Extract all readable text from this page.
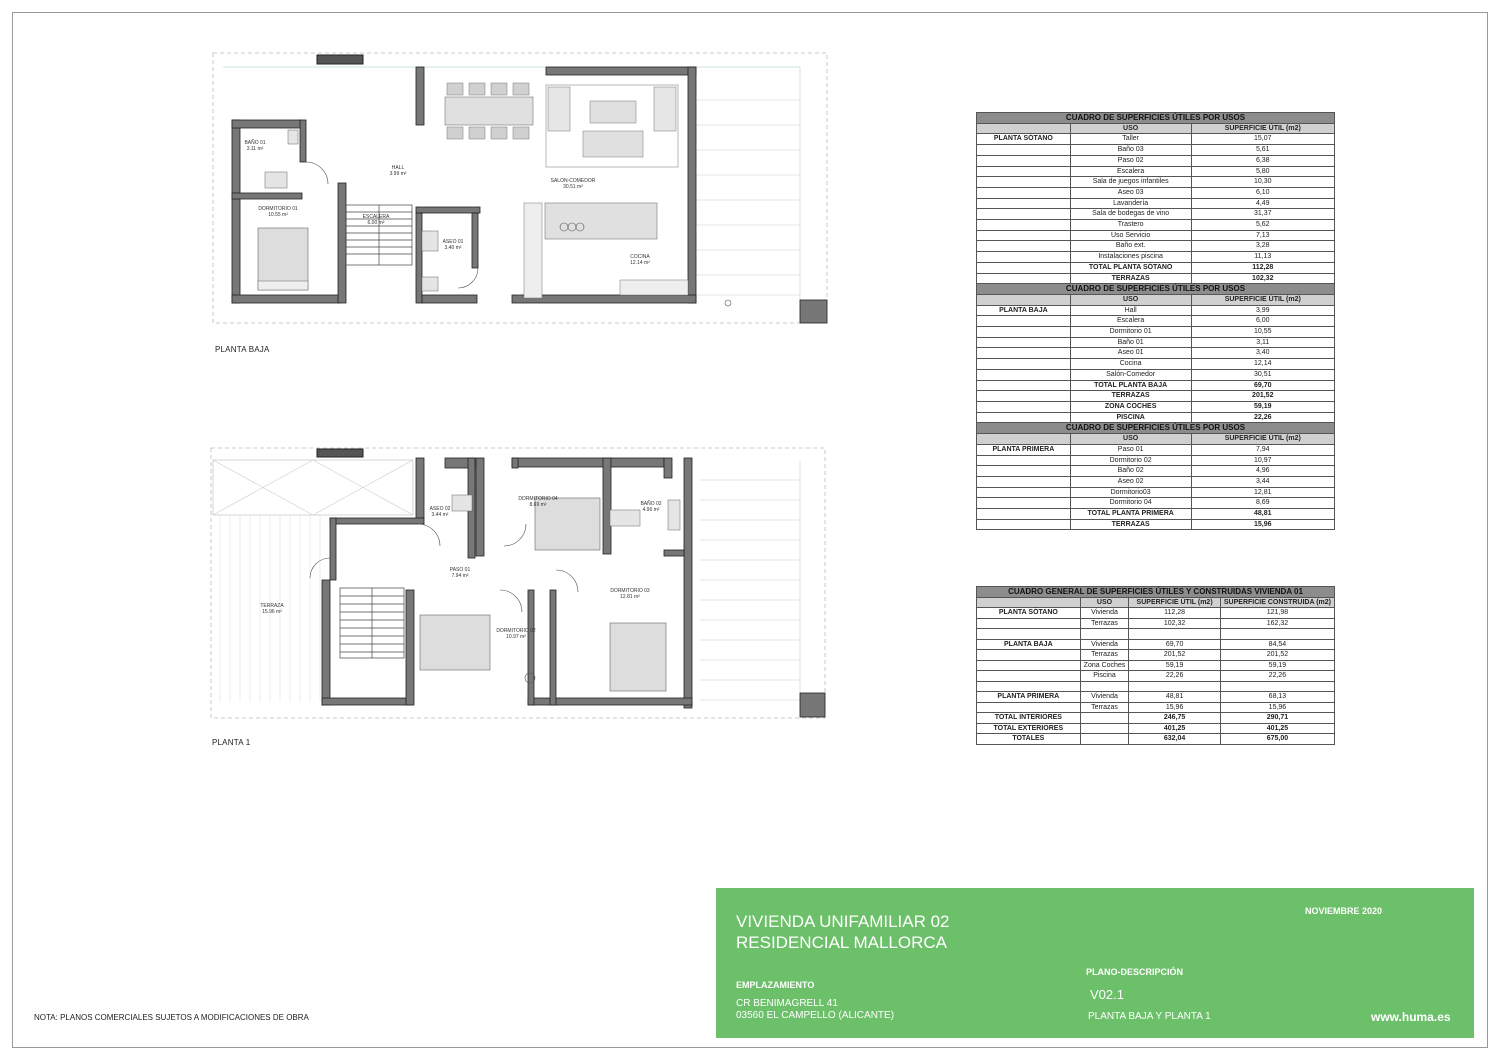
BAÑO 01
3.11 m²
HALL
3.99 m²
SALON-COMEDOR
30.51 m²
DORMITORIO 01
10.55 m²	ESCALERA
6.00 m²
ASEO 01
3.40 m²
COCINA
12.14 m²
PLANTA BAJA
ASEO 02
3.44 m²
DORMITORIO 04
8.69 m²	BAÑO 02
4.96 m²
PASO 01
7.94 m²
DORMITORIO 03
12.81 m²
TERRAZA
15.96 m²
DORMITORIO 02
10.97 m²
PLANTA 1
CUADRO DE SUPERFICIES ÚTILES POR USOS		
	USO	SUPERFICIE ÚTIL (m2)
PLANTA SÓTANO	Taller	15,07
	Baño 03	5,61
	Paso 02	6,38
	Escalera	5,80
	Sala de juegos infantiles	10,30
	Aseo 03	6,10
	Lavandería	4,49
	Sala de bodegas de vino	31,37
	Trastero	5,62
	Uso Servicio	7,13
	Baño ext.	3,28
	Instalaciones piscina	11,13
	TOTAL PLANTA SÓTANO	112,28
	TERRAZAS	102,32
CUADRO DE SUPERFICIES ÚTILES POR USOS		
	USO	SUPERFICIE ÚTIL (m2)
PLANTA BAJA	Hall	3,99
	Escalera	6,00
	Dormitorio 01	10,55
	Baño 01	3,11
	Aseo 01	3,40
	Cocina	12,14
	Salón-Comedor	30,51
	TOTAL PLANTA BAJA	69,70
	TERRAZAS	201,52
	ZONA COCHES	59,19
	PISCINA	22,26
CUADRO DE SUPERFICIES ÚTILES POR USOS		
	USO	SUPERFICIE ÚTIL (m2)
PLANTA PRIMERA	Paso 01	7,94
	Dormitorio 02	10,97
	Baño 02	4,96
	Aseo 02	3,44
	Dormitorio03	12,81
	Dormitorio 04	8,69
	TOTAL PLANTA PRIMERA	48,81
	TERRAZAS	15,96
CUADRO GENERAL DE SUPERFICIES ÚTILES Y CONSTRUIDAS VIVIENDA 01			
	USO	SUPERFICIE ÚTIL (m2)	SUPERFICIE CONSTRUIDA (m2)
PLANTA SÓTANO	Vivienda	112,28	121,98
	Terrazas	102,32	162,32

PLANTA BAJA	Vivienda	69,70	84,54
	Terrazas	201,52	201,52
	Zona Coches	59,19	59,19
	Piscina	22,26	22,26

PLANTA PRIMERA	Vivienda	48,81	68,13
	Terrazas	15,96	15,96
TOTAL INTERIORES		246,75	290,71
TOTAL EXTERIORES		401,25	401,25
TOTALES		632,04	675,00
VIVIENDA UNIFAMILIAR 02
RESIDENCIAL MALLORCA
NOVIEMBRE 2020
EMPLAZAMIENTO
CR BENIMAGRELL 41
03560 EL CAMPELLO (ALICANTE)
PLANO-DESCRIPCIÓN
V02.1
PLANTA BAJA Y PLANTA 1	www.huma.es
NOTA: PLANOS COMERCIALES SUJETOS A MODIFICACIONES DE OBRA
